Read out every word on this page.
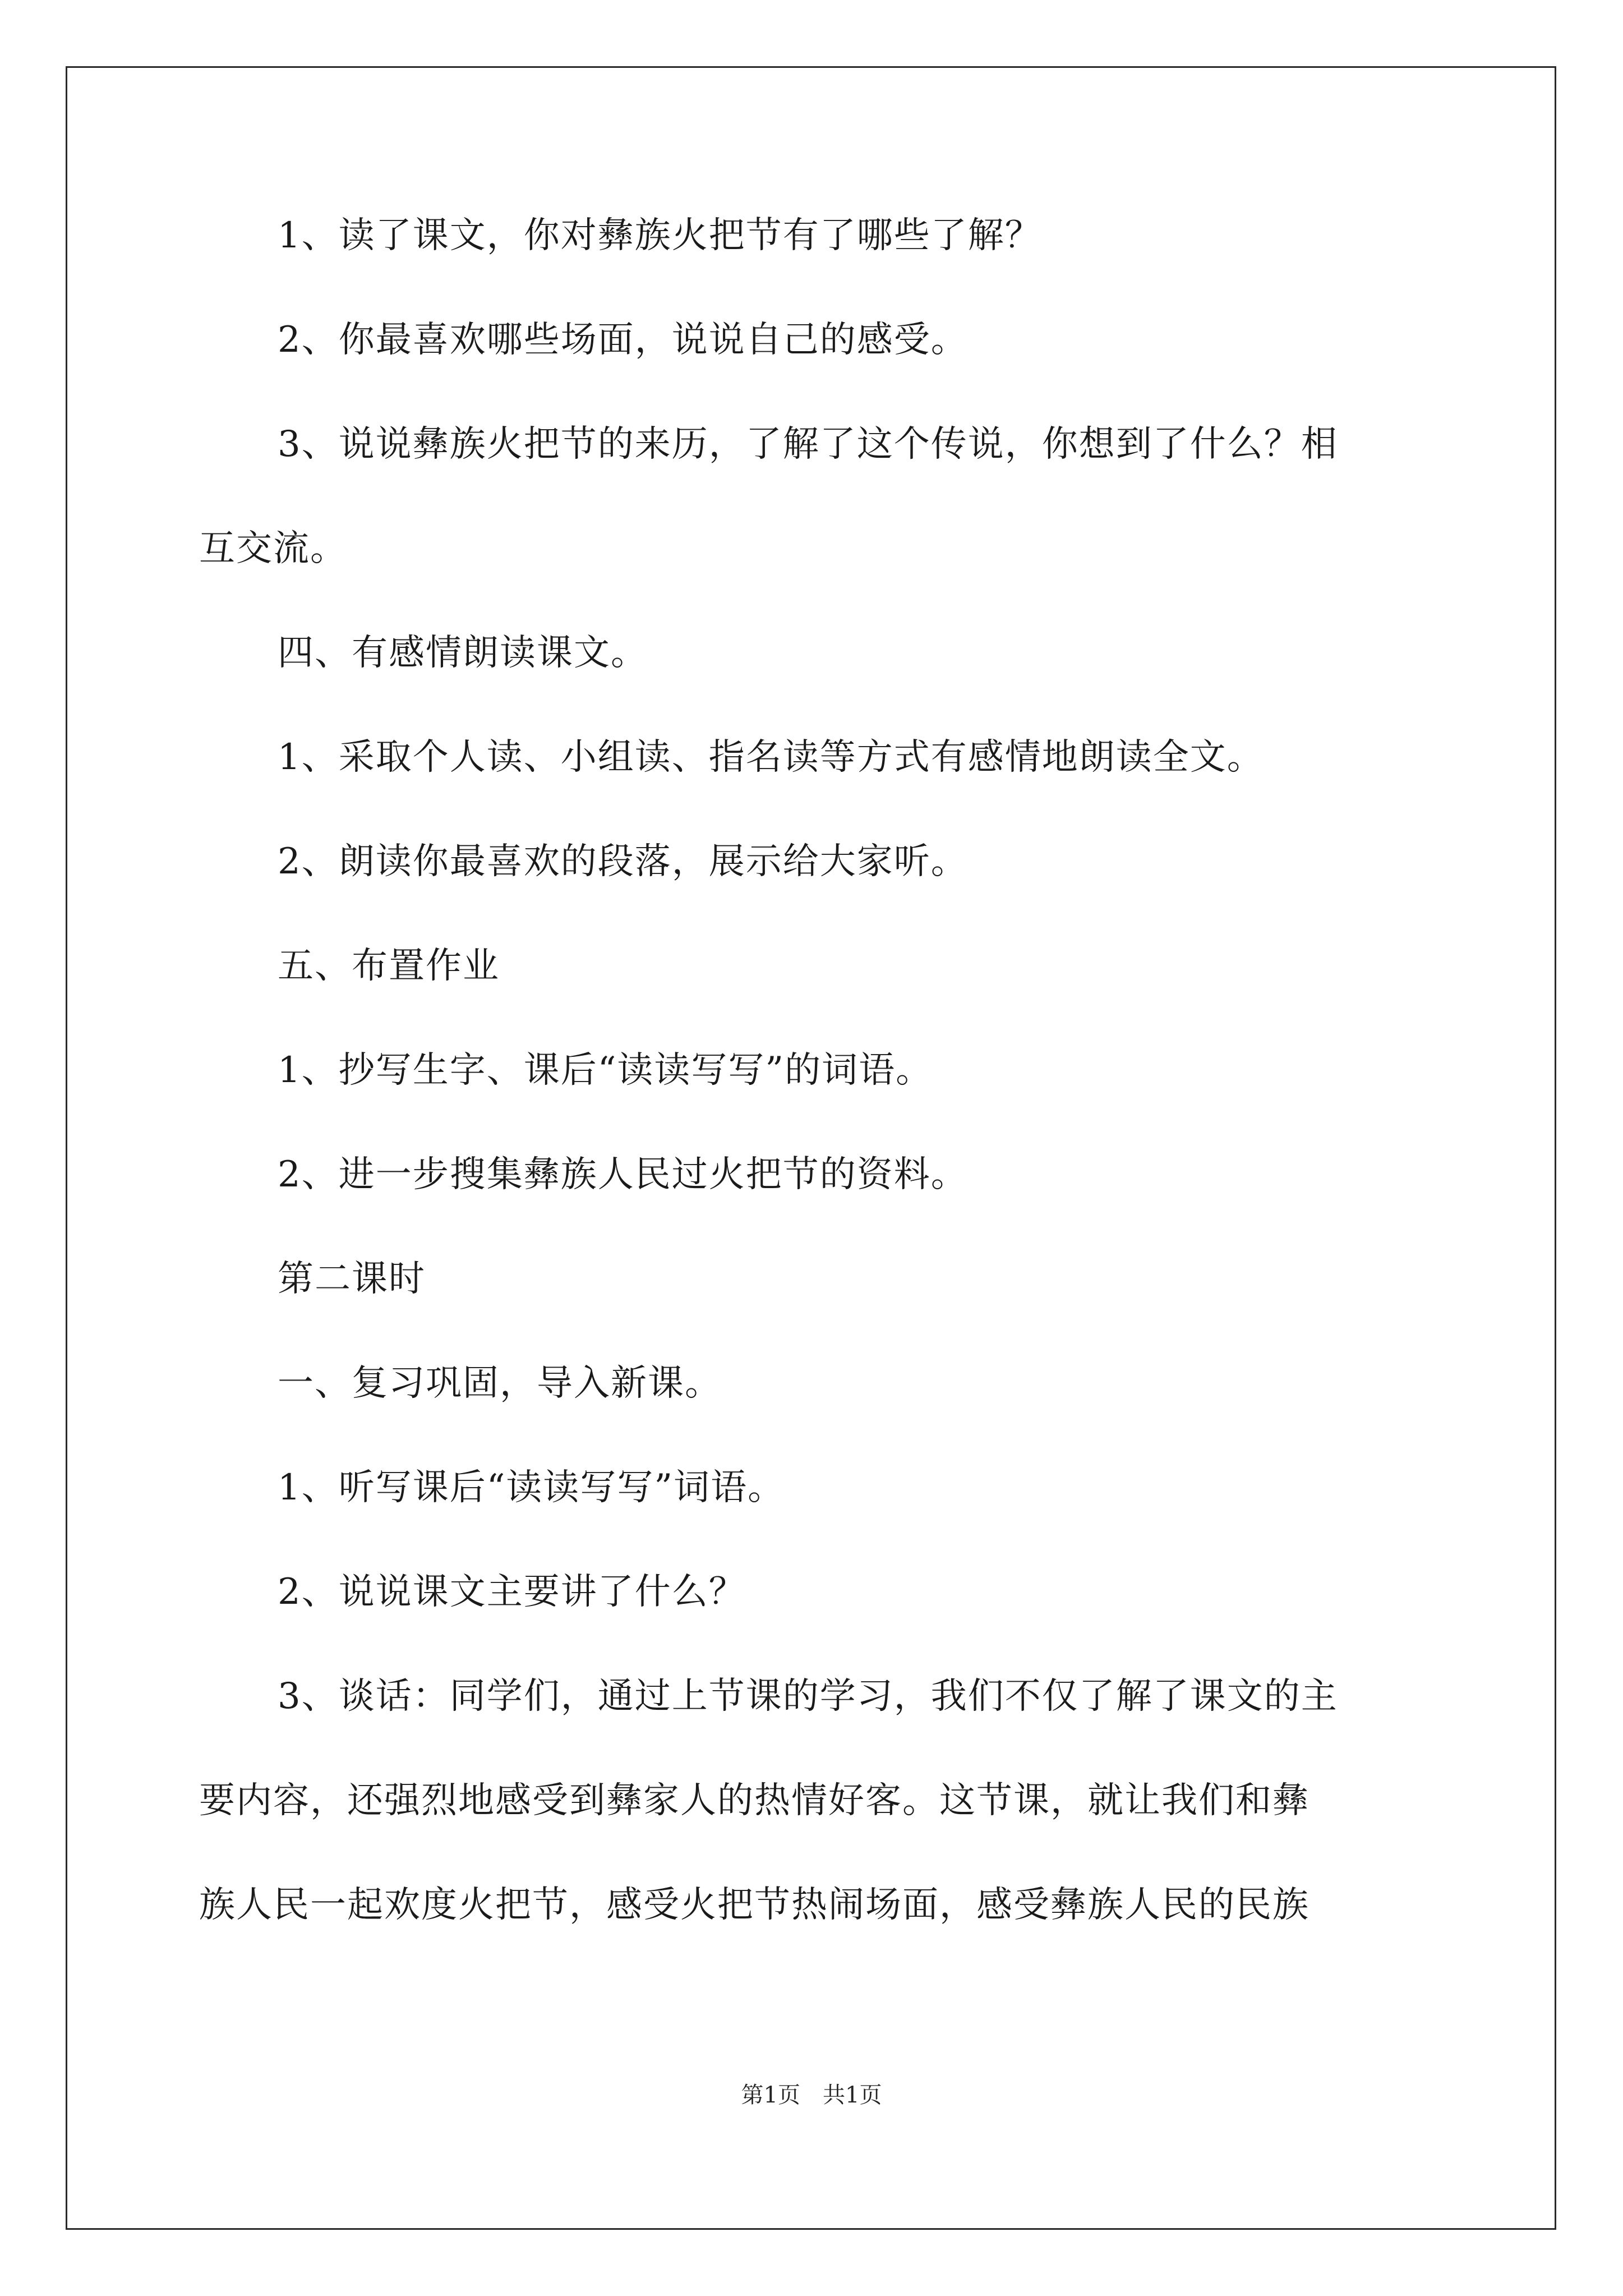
1、读了课文，你对彝族火把节有了哪些了解？
2、你最喜欢哪些场面，说说自己的感受。
3、说说彝族火把节的来历，了解了这个传说，你想到了什么？相
互交流。
四、有感情朗读课文。
1、采取个人读、小组读、指名读等方式有感情地朗读全文。
2、朗读你最喜欢的段落，展示给大家听。
五、布置作业
1、抄写生字、课后“读读写写”的词语。
2、进一步搜集彝族人民过火把节的资料。
第二课时
一、复习巩固，导入新课。
1、听写课后“读读写写”词语。
2、说说课文主要讲了什么？
3、谈话：同学们，通过上节课的学习，我们不仅了解了课文的主
要内容，还强烈地感受到彝家人的热情好客。这节课，就让我们和彝
族人民一起欢度火把节，感受火把节热闹场面，感受彝族人民的民族
第1页　共1页
